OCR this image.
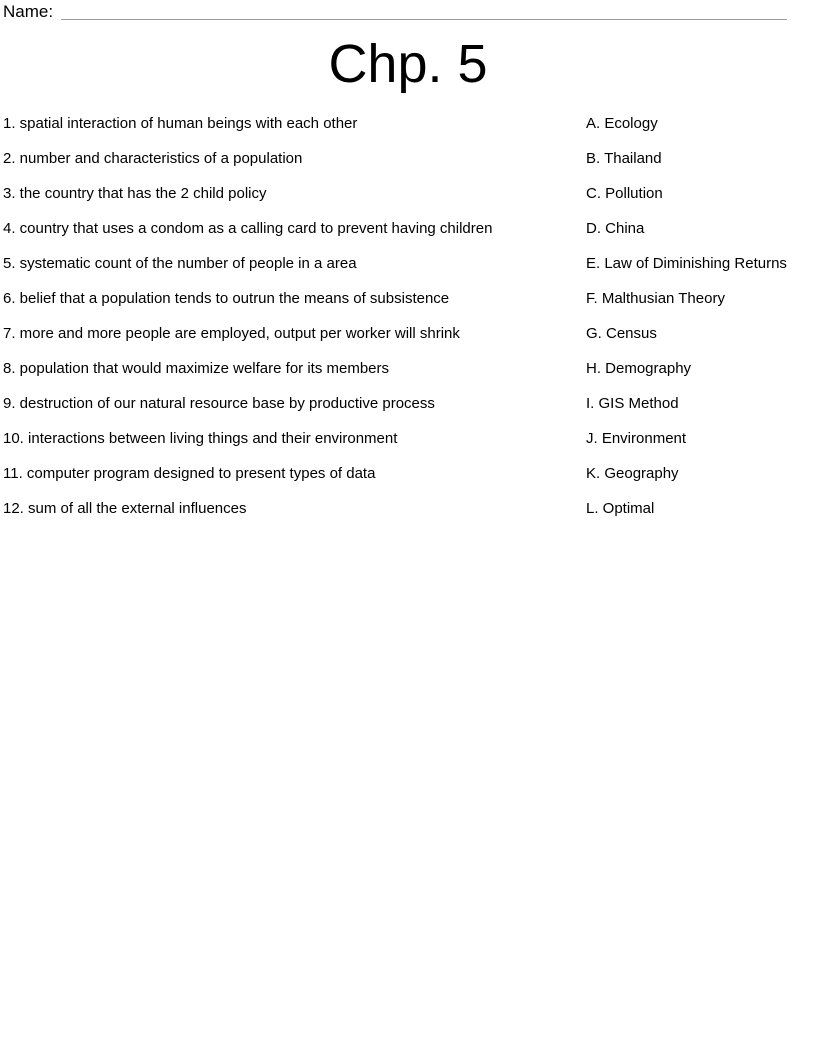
Name:
Chp. 5
1. spatial interaction of human beings with each other	A. Ecology
2. number and characteristics of a population	B. Thailand
3. the country that has the 2 child policy	C. Pollution
4. country that uses a condom as a calling card to prevent having children	D. China
5. systematic count of the number of people in a area	E. Law of Diminishing Returns
6. belief that a population tends to outrun the means of subsistence	F. Malthusian Theory
7. more and more people are employed, output per worker will shrink	G. Census
8. population that would maximize welfare for its members	H. Demography
9. destruction of our natural resource base by productive process	I. GIS Method
10. interactions between living things and their environment	J. Environment
11. computer program designed to present types of data	K. Geography
12. sum of all the external influences	L. Optimal
